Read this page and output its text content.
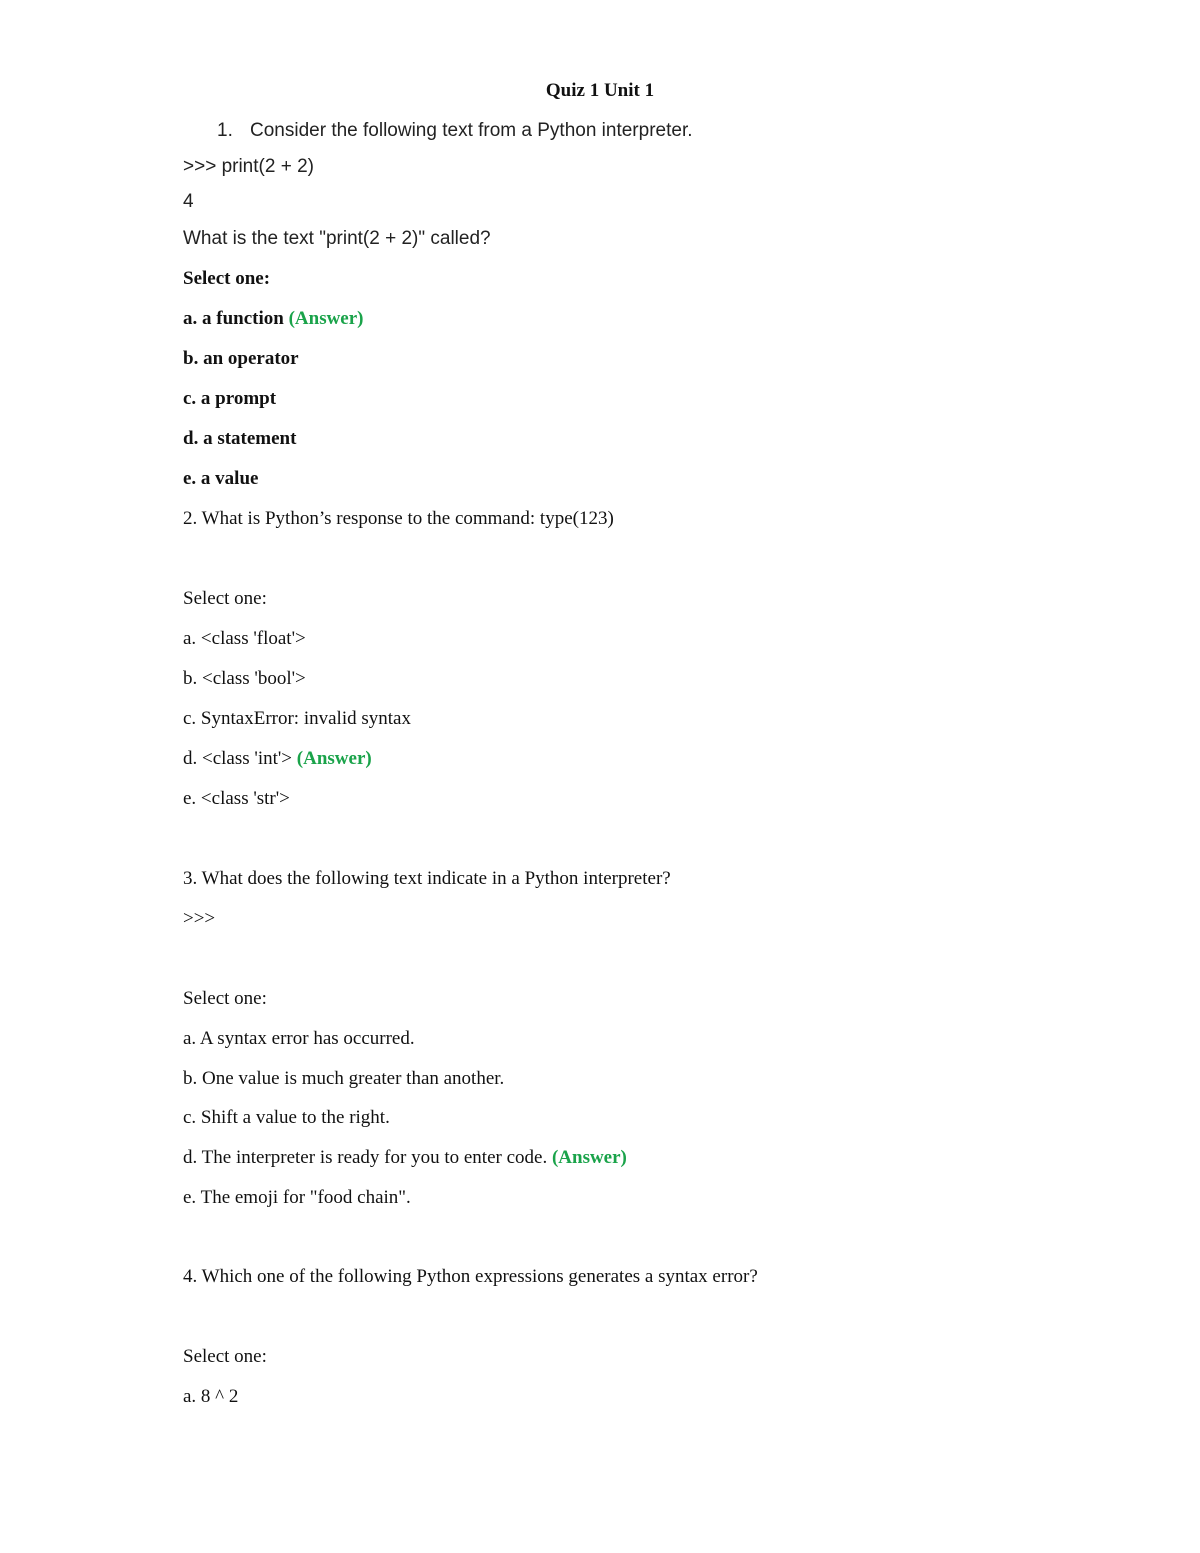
Quiz 1 Unit 1
1. Consider the following text from a Python interpreter.
>>> print(2 + 2)
4
What is the text "print(2 + 2)" called?
Select one:
a. a function (Answer)
b. an operator
c. a prompt
d. a statement
e. a value
2. What is Python’s response to the command: type(123)
Select one:
a. <class 'float'>
b. <class 'bool'>
c. SyntaxError: invalid syntax
d. <class 'int'> (Answer)
e. <class 'str'>
3. What does the following text indicate in a Python interpreter?
>>>
Select one:
a. A syntax error has occurred.
b. One value is much greater than another.
c. Shift a value to the right.
d. The interpreter is ready for you to enter code. (Answer)
e. The emoji for "food chain".
4. Which one of the following Python expressions generates a syntax error?
Select one:
a. 8 ^ 2
